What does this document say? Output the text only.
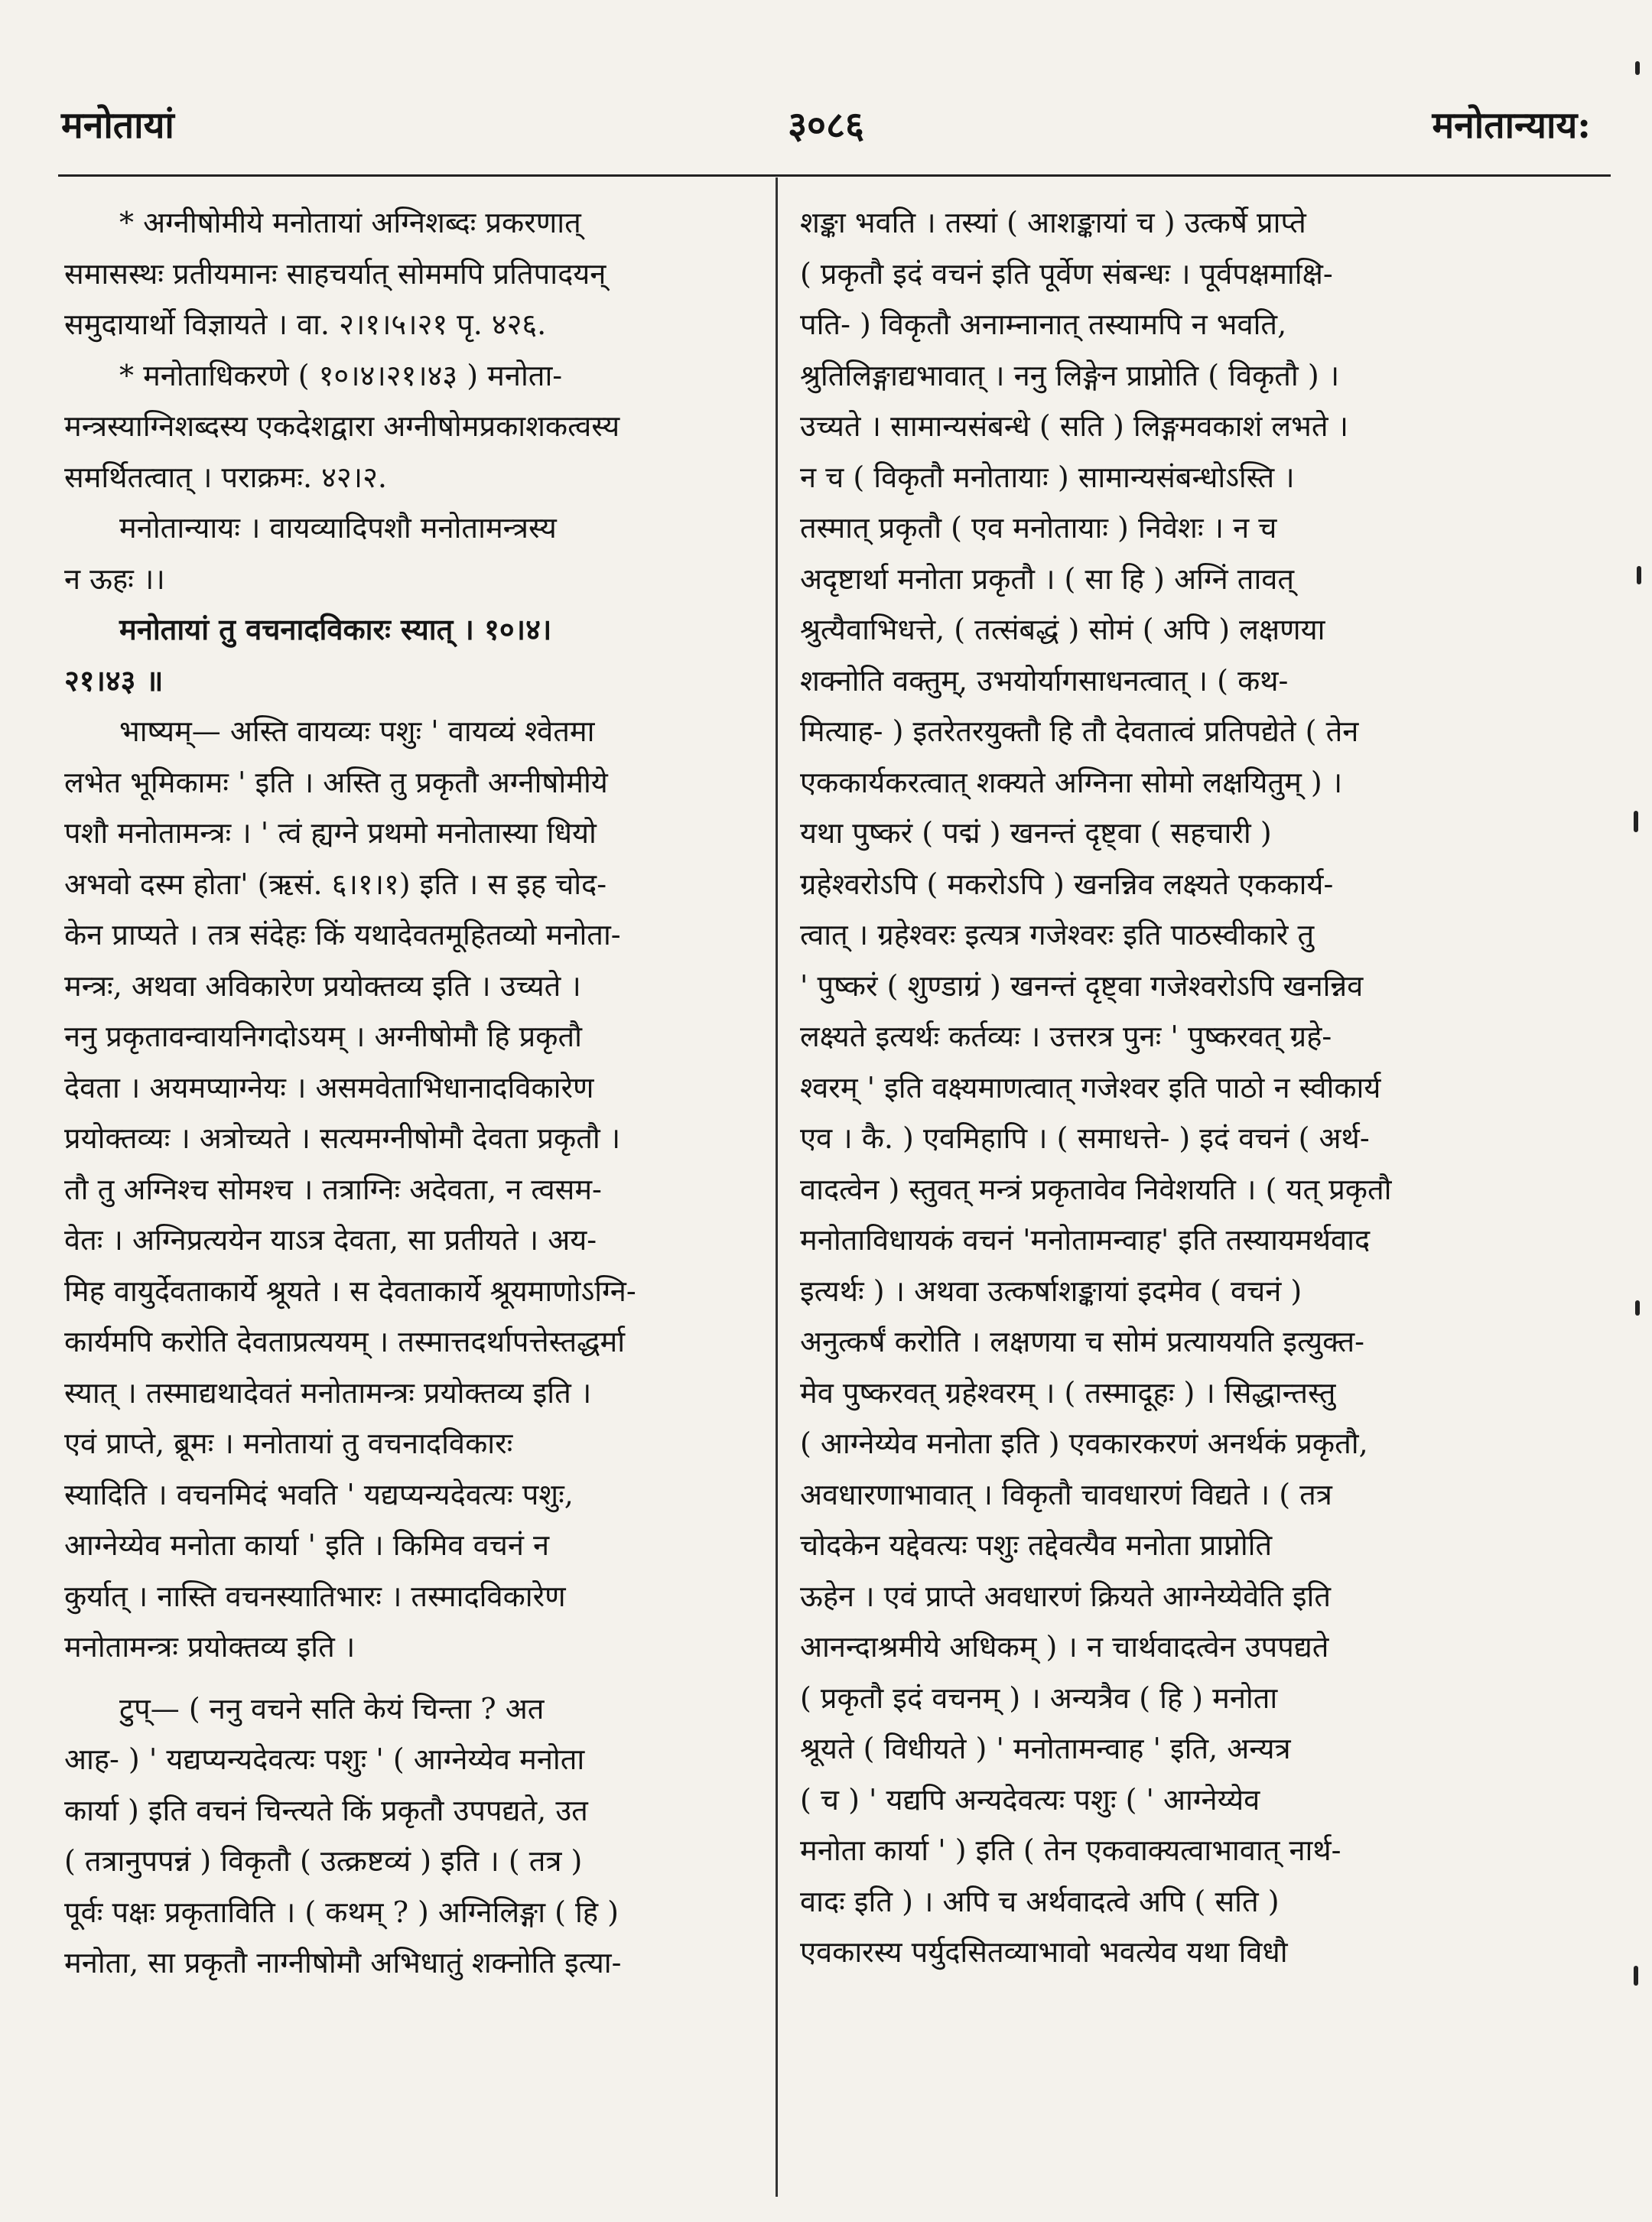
मनोतायां	३०८६	मनोतान्याय:
* अग्नीषोमीये मनोतायां अग्निशब्दः प्रकरणात्
समासस्थः प्रतीयमानः साहचर्यात् सोममपि प्रतिपादयन्
समुदायार्थो विज्ञायते । वा. २।१।५।२१ पृ. ४२६.
* मनोताधिकरणे ( १०।४।२१।४३ ) मनोता-
मन्त्रस्याग्निशब्दस्य एकदेशद्वारा अग्नीषोमप्रकाशकत्वस्य
समर्थितत्वात् । पराक्रमः. ४२।२.
मनोतान्यायः । वायव्यादिपशौ मनोतामन्त्रस्य
न ऊहः ।।
मनोतायां तु वचनादविकारः स्यात् । १०।४।
२१।४३ ॥
भाष्यम्— अस्ति वायव्यः पशुः ' वायव्यं श्वेतमा
लभेत भूमिकामः ' इति । अस्ति तु प्रकृतौ अग्नीषोमीये
पशौ मनोतामन्त्रः । ' त्वं ह्यग्ने प्रथमो मनोतास्या धियो
अभवो दस्म होता' (ऋसं. ६।१।१) इति । स इह चोद-
केन प्राप्यते । तत्र संदेहः किं यथादेवतमूहितव्यो मनोता-
मन्त्रः, अथवा अविकारेण प्रयोक्तव्य इति । उच्यते ।
ननु प्रकृतावन्वायनिगदोऽयम् । अग्नीषोमौ हि प्रकृतौ
देवता । अयमप्याग्नेयः । असमवेताभिधानादविकारेण
प्रयोक्तव्यः । अत्रोच्यते । सत्यमग्नीषोमौ देवता प्रकृतौ ।
तौ तु अग्निश्च सोमश्च । तत्राग्निः अदेवता, न त्वसम-
वेतः । अग्निप्रत्ययेन याऽत्र देवता, सा प्रतीयते । अय-
मिह वायुर्देवताकार्ये श्रूयते । स देवताकार्ये श्रूयमाणोऽग्नि-
कार्यमपि करोति देवताप्रत्ययम् । तस्मात्तदर्थापत्तेस्तद्धर्मा
स्यात् । तस्माद्यथादेवतं मनोतामन्त्रः प्रयोक्तव्य इति ।
एवं प्राप्ते, ब्रूमः । मनोतायां तु वचनादविकारः
स्यादिति । वचनमिदं भवति ' यद्यप्यन्यदेवत्यः पशुः,
आग्नेय्येव मनोता कार्या ' इति । किमिव वचनं न
कुर्यात् । नास्ति वचनस्यातिभारः । तस्मादविकारेण
मनोतामन्त्रः प्रयोक्तव्य इति ।
टुप्— ( ननु वचने सति केयं चिन्ता ? अत
आह- ) ' यद्यप्यन्यदेवत्यः पशुः ' ( आग्नेय्येव मनोता
कार्या ) इति वचनं चिन्त्यते किं प्रकृतौ उपपद्यते, उत
( तत्रानुपपन्नं ) विकृतौ ( उत्क्रष्टव्यं ) इति । ( तत्र )
पूर्वः पक्षः प्रकृताविति । ( कथम् ? ) अग्निलिङ्गा ( हि )
मनोता, सा प्रकृतौ नाग्नीषोमौ अभिधातुं शक्नोति इत्या-
शङ्का भवति । तस्यां ( आशङ्कायां च ) उत्कर्षे प्राप्ते
( प्रकृतौ इदं वचनं इति पूर्वेण संबन्धः । पूर्वपक्षमाक्षि-
पति- ) विकृतौ अनाम्नानात् तस्यामपि न भवति,
श्रुतिलिङ्गाद्यभावात् । ननु लिङ्गेन प्राप्नोति ( विकृतौ ) ।
उच्यते । सामान्यसंबन्धे ( सति ) लिङ्गमवकाशं लभते ।
न च ( विकृतौ मनोतायाः ) सामान्यसंबन्धोऽस्ति ।
तस्मात् प्रकृतौ ( एव मनोतायाः ) निवेशः । न च
अदृष्टार्था मनोता प्रकृतौ । ( सा हि ) अग्निं तावत्
श्रुत्यैवाभिधत्ते, ( तत्संबद्धं ) सोमं ( अपि ) लक्षणया
शक्नोति वक्तुम्, उभयोर्यागसाधनत्वात् । ( कथ-
मित्याह- ) इतरेतरयुक्तौ हि तौ देवतात्वं प्रतिपद्येते ( तेन
एककार्यकरत्वात् शक्यते अग्निना सोमो लक्षयितुम् ) ।
यथा पुष्करं ( पद्मं ) खनन्तं दृष्ट्वा ( सहचारी )
ग्रहेश्वरोऽपि ( मकरोऽपि ) खनन्निव लक्ष्यते एककार्य-
त्वात् । ग्रहेश्वरः इत्यत्र गजेश्वरः इति पाठस्वीकारे तु
' पुष्करं ( शुण्डाग्रं ) खनन्तं दृष्ट्वा गजेश्वरोऽपि खनन्निव
लक्ष्यते इत्यर्थः कर्तव्यः । उत्तरत्र पुनः ' पुष्करवत् ग्रहे-
श्वरम् ' इति वक्ष्यमाणत्वात् गजेश्वर इति पाठो न स्वीकार्य
एव । कै. ) एवमिहापि । ( समाधत्ते- ) इदं वचनं ( अर्थ-
वादत्वेन ) स्तुवत् मन्त्रं प्रकृतावेव निवेशयति । ( यत् प्रकृतौ
मनोताविधायकं वचनं 'मनोतामन्वाह' इति तस्यायमर्थवाद
इत्यर्थः ) । अथवा उत्कर्षाशङ्कायां इदमेव ( वचनं )
अनुत्कर्षं करोति । लक्षणया च सोमं प्रत्याययति इत्युक्त-
मेव पुष्करवत् ग्रहेश्वरम् । ( तस्मादूहः ) । सिद्धान्तस्तु
( आग्नेय्येव मनोता इति ) एवकारकरणं अनर्थकं प्रकृतौ,
अवधारणाभावात् । विकृतौ चावधारणं विद्यते । ( तत्र
चोदकेन यद्देवत्यः पशुः तद्देवत्यैव मनोता प्राप्नोति
ऊहेन । एवं प्राप्ते अवधारणं क्रियते आग्नेय्येवेति इति
आनन्दाश्रमीये अधिकम् ) । न चार्थवादत्वेन उपपद्यते
( प्रकृतौ इदं वचनम् ) । अन्यत्रैव ( हि ) मनोता
श्रूयते ( विधीयते ) ' मनोतामन्वाह ' इति, अन्यत्र
( च ) ' यद्यपि अन्यदेवत्यः पशुः ( ' आग्नेय्येव
मनोता कार्या ' ) इति ( तेन एकवाक्यत्वाभावात् नार्थ-
वादः इति ) । अपि च अर्थवादत्वे अपि ( सति )
एवकारस्य पर्युदसितव्याभावो भवत्येव यथा विधौ
